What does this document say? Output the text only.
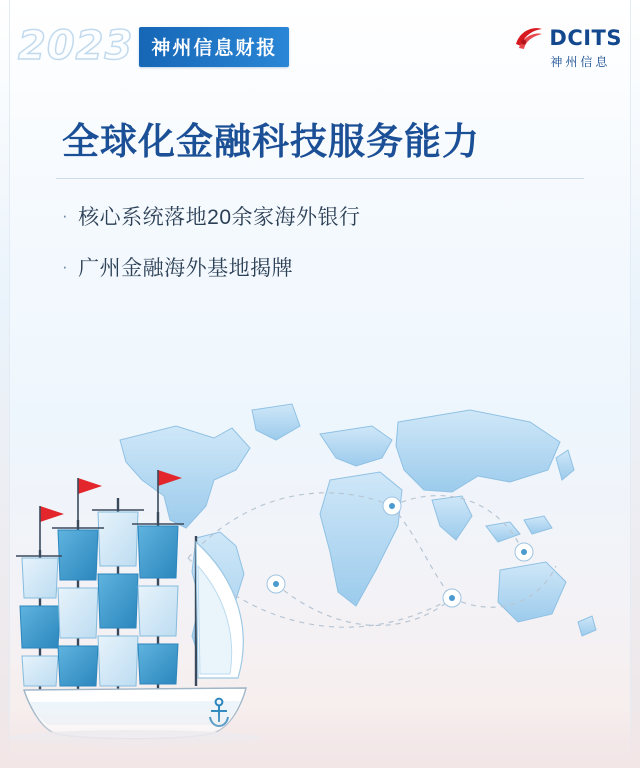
2023 神州信息财报	DCITS
神州信息
全球化金融科技服务能力
· 核心系统落地20余家海外银行
· 广州金融海外基地揭牌
